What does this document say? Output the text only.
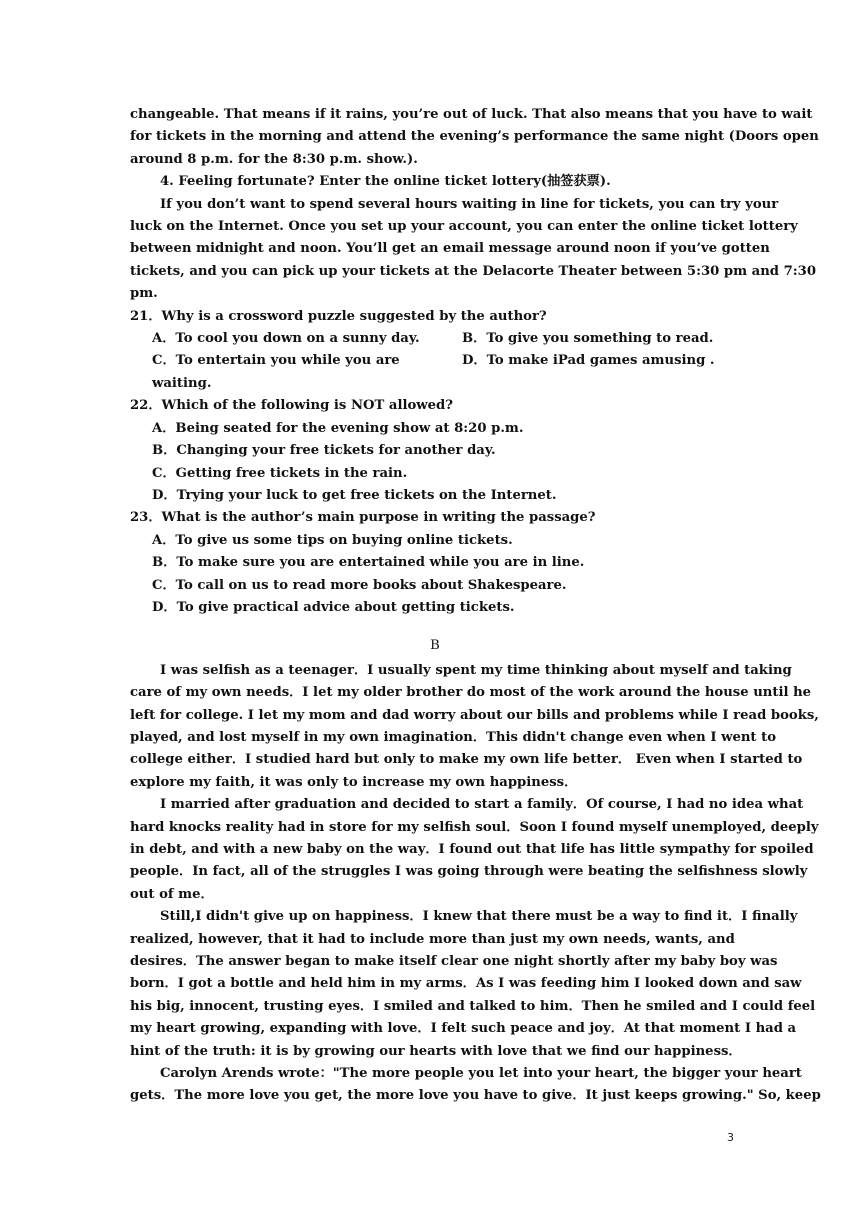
changeable. That means if it rains, you’re out of luck. That also means that you have to wait
for tickets in the morning and attend the evening’s performance the same night (Doors open
around 8 p.m. for the 8:30 p.m. show.).
4. Feeling fortunate? Enter the online ticket lottery(抽签获票).
If you don’t want to spend several hours waiting in line for tickets, you can try your
luck on the Internet. Once you set up your account, you can enter the online ticket lottery
between midnight and noon. You’ll get an email message around noon if you’ve gotten
tickets, and you can pick up your tickets at the Delacorte Theater between 5:30 pm and 7:30
pm.
21．Why is a crossword puzzle suggested by the author?
A．To cool you down on a sunny day.	B．To give you something to read.
C．To entertain you while you are waiting.
D．To make iPad games amusing .
22．Which of the following is NOT allowed?
A．Being seated for the evening show at 8:20 p.m.
B．Changing your free tickets for another day.
C．Getting free tickets in the rain.
D．Trying your luck to get free tickets on the Internet.
23．What is the author’s main purpose in writing the passage?
A．To give us some tips on buying online tickets.
B．To make sure you are entertained while you are in line.
C．To call on us to read more books about Shakespeare.
D．To give practical advice about getting tickets.
B
I was selfish as a teenager．I usually spent my time thinking about myself and taking
care of my own needs．I let my older brother do most of the work around the house until he
left for college. I let my mom and dad worry about our bills and problems while I read books,
played, and lost myself in my own imagination．This didn't change even when I went to
college either．I studied hard but only to make my own life better． Even when I started to
explore my faith, it was only to increase my own happiness．
I married after graduation and decided to start a family．Of course, I had no idea what
hard knocks reality had in store for my selfish soul．Soon I found myself unemployed, deeply
in debt, and with a new baby on the way．I found out that life has little sympathy for spoiled
people．In fact, all of the struggles I was going through were beating the selfishness slowly
out of me．
Still,I didn't give up on happiness．I knew that there must be a way to find it．I finally
realized, however, that it had to include more than just my own needs, wants, and
desires．The answer began to make itself clear one night shortly after my baby boy was
born．I got a bottle and held him in my arms．As I was feeding him I looked down and saw
his big, innocent, trusting eyes．I smiled and talked to him．Then he smiled and I could feel
my heart growing, expanding with love．I felt such peace and joy．At that moment I had a
hint of the truth: it is by growing our hearts with love that we find our happiness．
Carolyn Arends wrote："The more people you let into your heart, the bigger your heart
gets．The more love you get, the more love you have to give．It just keeps growing." So, keep
3
